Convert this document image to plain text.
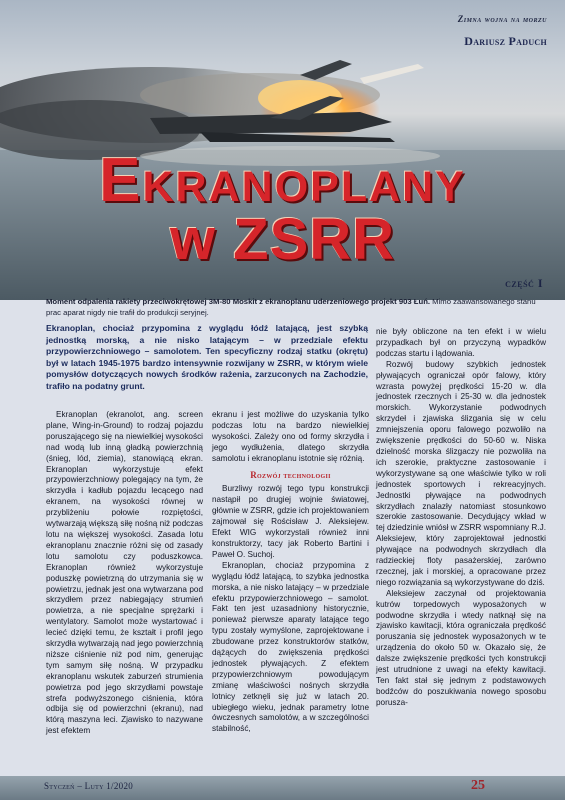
Zimna wojna na morzu
Dariusz Paduch
Ekranoplany
w ZSRR
część I
Moment odpalenia rakiety przeciwokrętowej 3M-80 Moskit z ekranoplanu uderzeniowego projekt 903 Łuń. Mimo zaawansowanego stanu prac aparat nigdy nie trafił do produkcji seryjnej.
Ekranoplan, chociaż przypomina z wyglądu łódź latającą, jest szybką jednostką morską, a nie nisko latającym – w przedziale efektu przypowierzchniowego – samolotem. Ten specyficzny rodzaj statku (okrętu) był w latach 1945-1975 bardzo intensywnie rozwijany w ZSRR, w którym wiele pomysłów dotyczących nowych środków rażenia, zarzuconych na Zachodzie, trafiło na podatny grunt.

Ekranoplan (ekranolot, ang. screen plane, Wing-in-Ground) to rodzaj pojazdu poruszającego się na niewielkiej wysokości nad wodą lub inną gładką powierzchnią (śnieg, lód, ziemia), stanowiącą ekran. Ekranoplan wykorzystuje efekt przypowierzchniowy polegający na tym, że skrzydła i kadłub pojazdu lecącego nad ekranem, na wysokości równej w przybliżeniu połowie rozpiętości, wytwarzają większą siłę nośną niż podczas lotu na większej wysokości. Zasada lotu ekranoplanu znacznie różni się od zasady lotu samolotu czy poduszkowca. Ekranoplan również wykorzystuje poduszkę powietrzną do utrzymania się w powietrzu, jednak jest ona wytwarzana pod skrzydłem przez nabiegający strumień powietrza, a nie specjalne sprężarki i wentylatory. Samolot może wystartować i lecieć dzięki temu, że kształt i profil jego skrzydła wytwarzają nad jego powierzchnią niższe ciśnienie niż pod nim, generując tym samym siłę nośną. W przypadku ekranoplanu wskutek zaburzeń strumienia powietrza pod jego skrzydłami powstaje strefa podwyższonego ciśnienia, która odbija się od powierzchni (ekranu), nad którą maszyna leci. Zjawisko to nazywane jest efektem

ekranu i jest możliwe do uzyskania tylko podczas lotu na bardzo niewielkiej wysokości. Zależy ono od formy skrzydła i jego wydłużenia, dlatego skrzydła samolotu i ekranoplanu istotnie się różnią.

Rozwój technologii

Burzliwy rozwój tego typu konstrukcji nastąpił po drugiej wojnie światowej, głównie w ZSRR, gdzie ich projektowaniem zajmował się Rościsław J. Aleksiejew. Efekt WIG wykorzystali również inni konstruktorzy, tacy jak Roberto Bartini i Paweł O. Suchoj.

Ekranoplan, chociaż przypomina z wyglądu łódź latającą, to szybka jednostka morska, a nie nisko latający – w przedziale efektu przypowierzchniowego – samolot. Fakt ten jest uzasadniony historycznie, ponieważ pierwsze aparaty latające tego typu zostały wymyślone, zaprojektowane i zbudowane przez konstruktorów statków, dążących do zwiększenia prędkości jednostek pływających. Z efektem przypowierzchniowym powodującym zmianę właściwości nośnych skrzydła lotnicy zetknęli się już w latach 20. ubiegłego wieku, jednak parametry lotne ówczesnych samolotów, a w szczególności stabilność,

nie były obliczone na ten efekt i w wielu przypadkach był on przyczyną wypadków podczas startu i lądowania.

Rozwój budowy szybkich jednostek pływających ograniczał opór falowy, który wzrasta powyżej prędkości 15-20 w. dla jednostek rzecznych i 25-30 w. dla jednostek morskich. Wykorzystanie podwodnych skrzydeł i zjawiska ślizgania się w celu zmniejszenia oporu falowego pozwoliło na zwiększenie prędkości do 50-60 w. Niska dzielność morska ślizgaczy nie pozwoliła na ich szerokie, praktyczne zastosowanie i wykorzystywane są one właściwie tylko w roli jednostek sportowych i rekreacyjnych. Jednostki pływające na podwodnych skrzydłach znalazły natomiast stosunkowo szerokie zastosowanie. Decydujący wkład w tej dziedzinie wniósł w ZSRR wspomniany R.J. Aleksiejew, który zaprojektował jednostki pływające na podwodnych skrzydłach dla radzieckiej floty pasażerskiej, zarówno rzecznej, jak i morskiej, a opracowane przez niego rozwiązania są wykorzystywane do dziś.

Aleksiejew zaczynał od projektowania kutrów torpedowych wyposażonych w podwodne skrzydła i wtedy natknął się na zjawisko kawitacji, która ograniczała prędkość poruszania się jednostek wyposażonych w te urządzenia do około 50 w. Okazało się, że dalsze zwiększenie prędkości tych konstrukcji jest utrudnione z uwagi na efekty kawitacji. Ten fakt stał się jednym z podstawowych bodźców do poszukiwania nowego sposobu porusza-

Styczeń – Luty 1/2020	25
